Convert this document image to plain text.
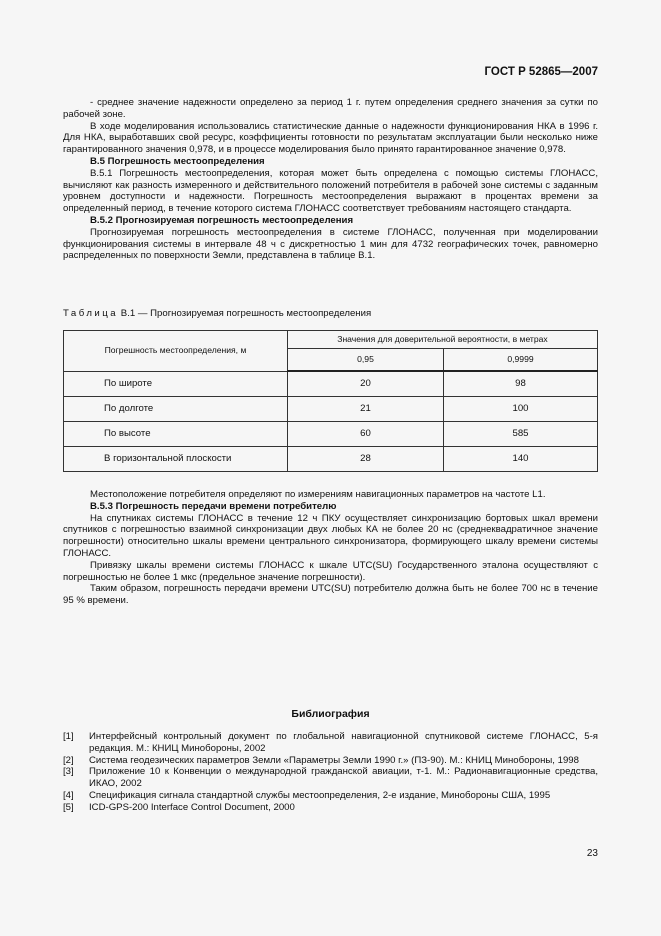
ГОСТ Р 52865—2007

- среднее значение надежности определено за период 1 г. путем определения среднего значения за сутки по рабочей зоне.

В ходе моделирования использовались статистические данные о надежности функционирования НКА в 1996 г. Для НКА, выработавших свой ресурс, коэффициенты готовности по результатам эксплуатации были несколько ниже гарантированного значения 0,978, и в процессе моделирования было принято гарантированное значение 0,978.

В.5 Погрешность местоопределения

В.5.1 Погрешность местоопределения, которая может быть определена с помощью системы ГЛОНАСС, вычисляют как разность измеренного и действительного положений потребителя в рабочей зоне системы с заданным уровнем доступности и надежности. Погрешность местоопределения выражают в процентах времени за определенный период, в течение которого система ГЛОНАСС соответствует требованиям настоящего стандарта.

В.5.2 Прогнозируемая погрешность местоопределения

Прогнозируемая погрешность местоопределения в системе ГЛОНАСС, полученная при моделировании функционирования системы в интервале 48 ч с дискретностью 1 мин для 4732 географических точек, равномерно распределенных по поверхности Земли, представлена в таблице В.1.

Таблица В.1 — Прогнозируемая погрешность местоопределения
Погрешность местоопределения, м	Значения для доверительной вероятности, в метрах	
	0,95	0,9999
По широте	20	98
По долготе	21	100
По высоте	60	585
В горизонтальной плоскости	28	140

Местоположение потребителя определяют по измерениям навигационных параметров на частоте L1.

В.5.3 Погрешность передачи времени потребителю

На спутниках системы ГЛОНАСС в течение 12 ч ПКУ осуществляет синхронизацию бортовых шкал времени спутников с погрешностью взаимной синхронизации двух любых КА не более 20 нс (среднеквадратичное значение погрешности) относительно шкалы времени центрального синхронизатора, формирующего шкалу времени системы ГЛОНАСС.

Привязку шкалы времени системы ГЛОНАСС к шкале UTC(SU) Государственного эталона осуществляют с погрешностью не более 1 мкс (предельное значение погрешности).

Таким образом, погрешность передачи времени UTC(SU) потребителю должна быть не более 700 нс в течение 95 % времени.

Библиография
[1]	Интерфейсный контрольный документ по глобальной навигационной спутниковой системе ГЛОНАСС, 5-я редакция. М.: КНИЦ Минобороны, 2002
[2]	Система геодезических параметров Земли «Параметры Земли 1990 г.» (ПЗ-90). М.: КНИЦ Минобороны, 1998
[3]	Приложение 10 к Конвенции о международной гражданской авиации, т-1. М.: Радионавигационные средства, ИКАО, 2002
[4]	Спецификация сигнала стандартной службы местоопределения, 2-е издание, Минобороны США, 1995
[5]	ICD-GPS-200 Interface Control Document, 2000
23
